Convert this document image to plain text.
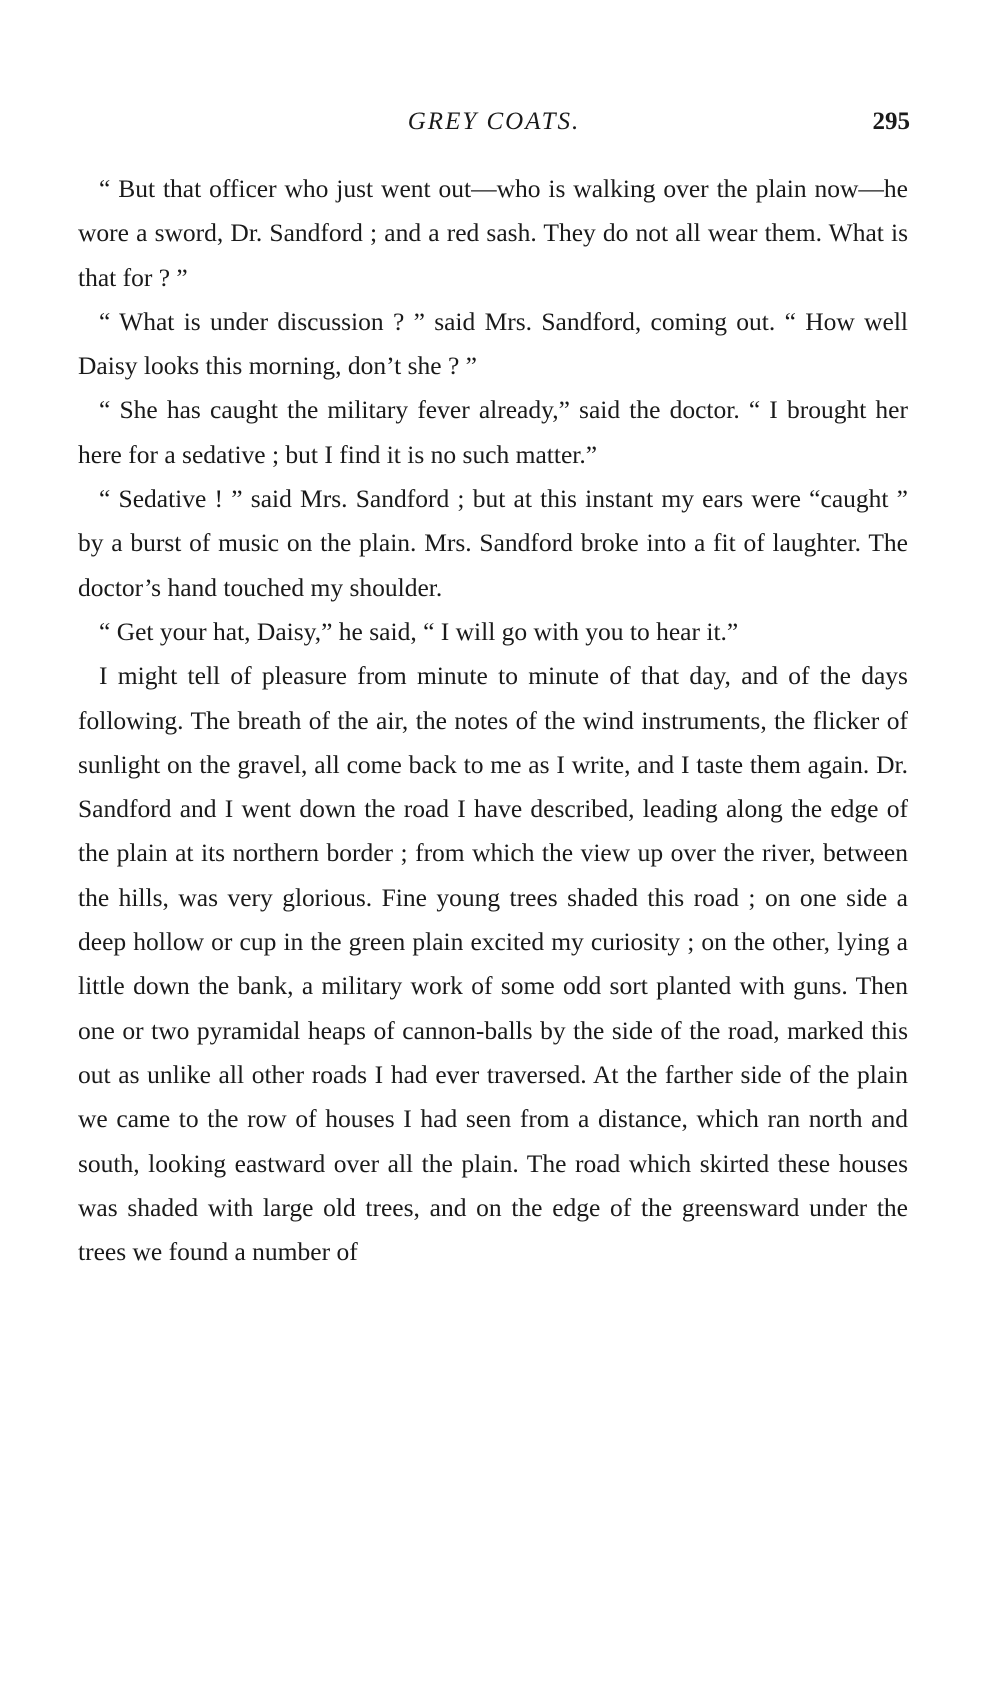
GREY COATS.	295

“ But that officer who just went out—who is walking over the plain now—he wore a sword, Dr. Sandford ; and a red sash. They do not all wear them. What is that for ? ”

“ What is under discussion ? ” said Mrs. Sandford, coming out. “ How well Daisy looks this morning, don’t she ? ”

“ She has caught the military fever already,” said the doctor. “ I brought her here for a sedative ; but I find it is no such matter.”

“ Sedative ! ” said Mrs. Sandford ; but at this instant my ears were “caught ” by a burst of music on the plain. Mrs. Sandford broke into a fit of laughter. The doctor’s hand touched my shoulder.

“ Get your hat, Daisy,” he said, “ I will go with you to hear it.”

I might tell of pleasure from minute to minute of that day, and of the days following. The breath of the air, the notes of the wind instruments, the flicker of sunlight on the gravel, all come back to me as I write, and I taste them again. Dr. Sandford and I went down the road I have described, leading along the edge of the plain at its northern border ; from which the view up over the river, between the hills, was very glorious. Fine young trees shaded this road ; on one side a deep hollow or cup in the green plain excited my curiosity ; on the other, lying a little down the bank, a military work of some odd sort planted with guns. Then one or two pyramidal heaps of cannon-balls by the side of the road, marked this out as unlike all other roads I had ever traversed. At the farther side of the plain we came to the row of houses I had seen from a distance, which ran north and south, looking eastward over all the plain. The road which skirted these houses was shaded with large old trees, and on the edge of the greensward under the trees we found a number of
